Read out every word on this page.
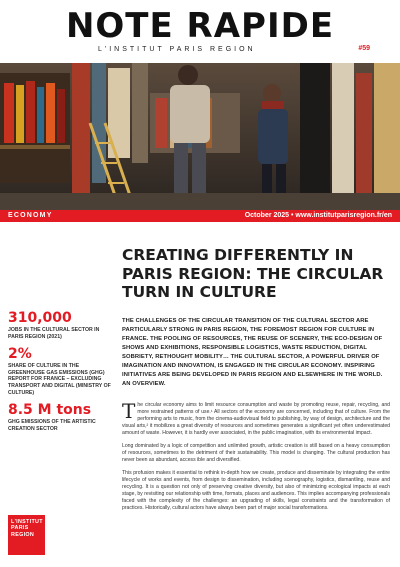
NOTE RAPIDE
L'INSTITUT PARIS REGION	#59
ECONOMY	October 2025 • www.institutparisregion.fr/en
CREATING DIFFERENTLY IN PARIS REGION: THE CIRCULAR TURN IN CULTURE
THE CHALLENGES OF THE CIRCULAR TRANSITION OF THE CULTURAL SECTOR ARE PARTICULARLY STRONG IN PARIS REGION, THE FOREMOST REGION FOR CULTURE IN FRANCE. THE POOLING OF RESOURCES, THE REUSE OF SCENERY, THE ECO-DESIGN OF SHOWS AND EXHIBITIONS, RESPONSIBLE LOGISTICS, WASTE REDUCTION, DIGITAL SOBRIETY, RETHOUGHT MOBILITY… THE CULTURAL SECTOR, A POWERFUL DRIVER OF IMAGINATION AND INNOVATION, IS ENGAGED IN THE CIRCULAR ECONOMY. INSPIRING INITIATIVES ARE BEING DEVELOPED IN PARIS REGION AND ELSEWHERE IN THE WORLD. AN OVERVIEW.
310,000
JOBS IN THE CULTURAL SECTOR IN PARIS REGION (2021)
2%
SHARE OF CULTURE IN THE GREENHOUSE GAS EMISSIONS (GHG) REPORT FOR FRANCE – EXCLUDING TRANSPORT AND DIGITAL (MINISTRY OF CULTURE)
8.5 M tons
GHG EMISSIONS OF THE ARTISTIC CREATION SECTOR

The circular economy aims to limit resource consumption and waste by promoting reuse, repair, recycling, and more restrained patterns of use.¹ All sectors of the economy are concerned, including that of culture. From the performing arts to music, from the cinema-audiovisual field to publishing, by way of design, architecture and the visual arts,² it mobilizes a great diversity of resources and sometimes generates a significant yet often underestimated amount of waste. However, it is hardly ever associated, in the public imagination, with its environmental impact.

Long dominated by a logic of competition and unlimited growth, artistic creation is still based on a heavy consumption of resources, sometimes to the detriment of their sustainability. This model is changing. The cultural production has never been as abundant, access ible and diversified.

This profusion makes it essential to rethink in-depth how we create, produce and disseminate by integrating the entire lifecycle of works and events, from design to dissemination, including scenography, logistics, dismantling, reuse and recycling. It is a question not only of preserving creative diversity, but also of minimizing ecological impacts at each stage, by revisiting our relationship with time, formats, places and audiences. This implies accompanying professionals faced with the complexity of the challenges: an upgrading of skills, legal constraints and the transformation of practices. Historically, cultural actors have always been part of major social transformations.

L'INSTITUT
PARIS
REGION
